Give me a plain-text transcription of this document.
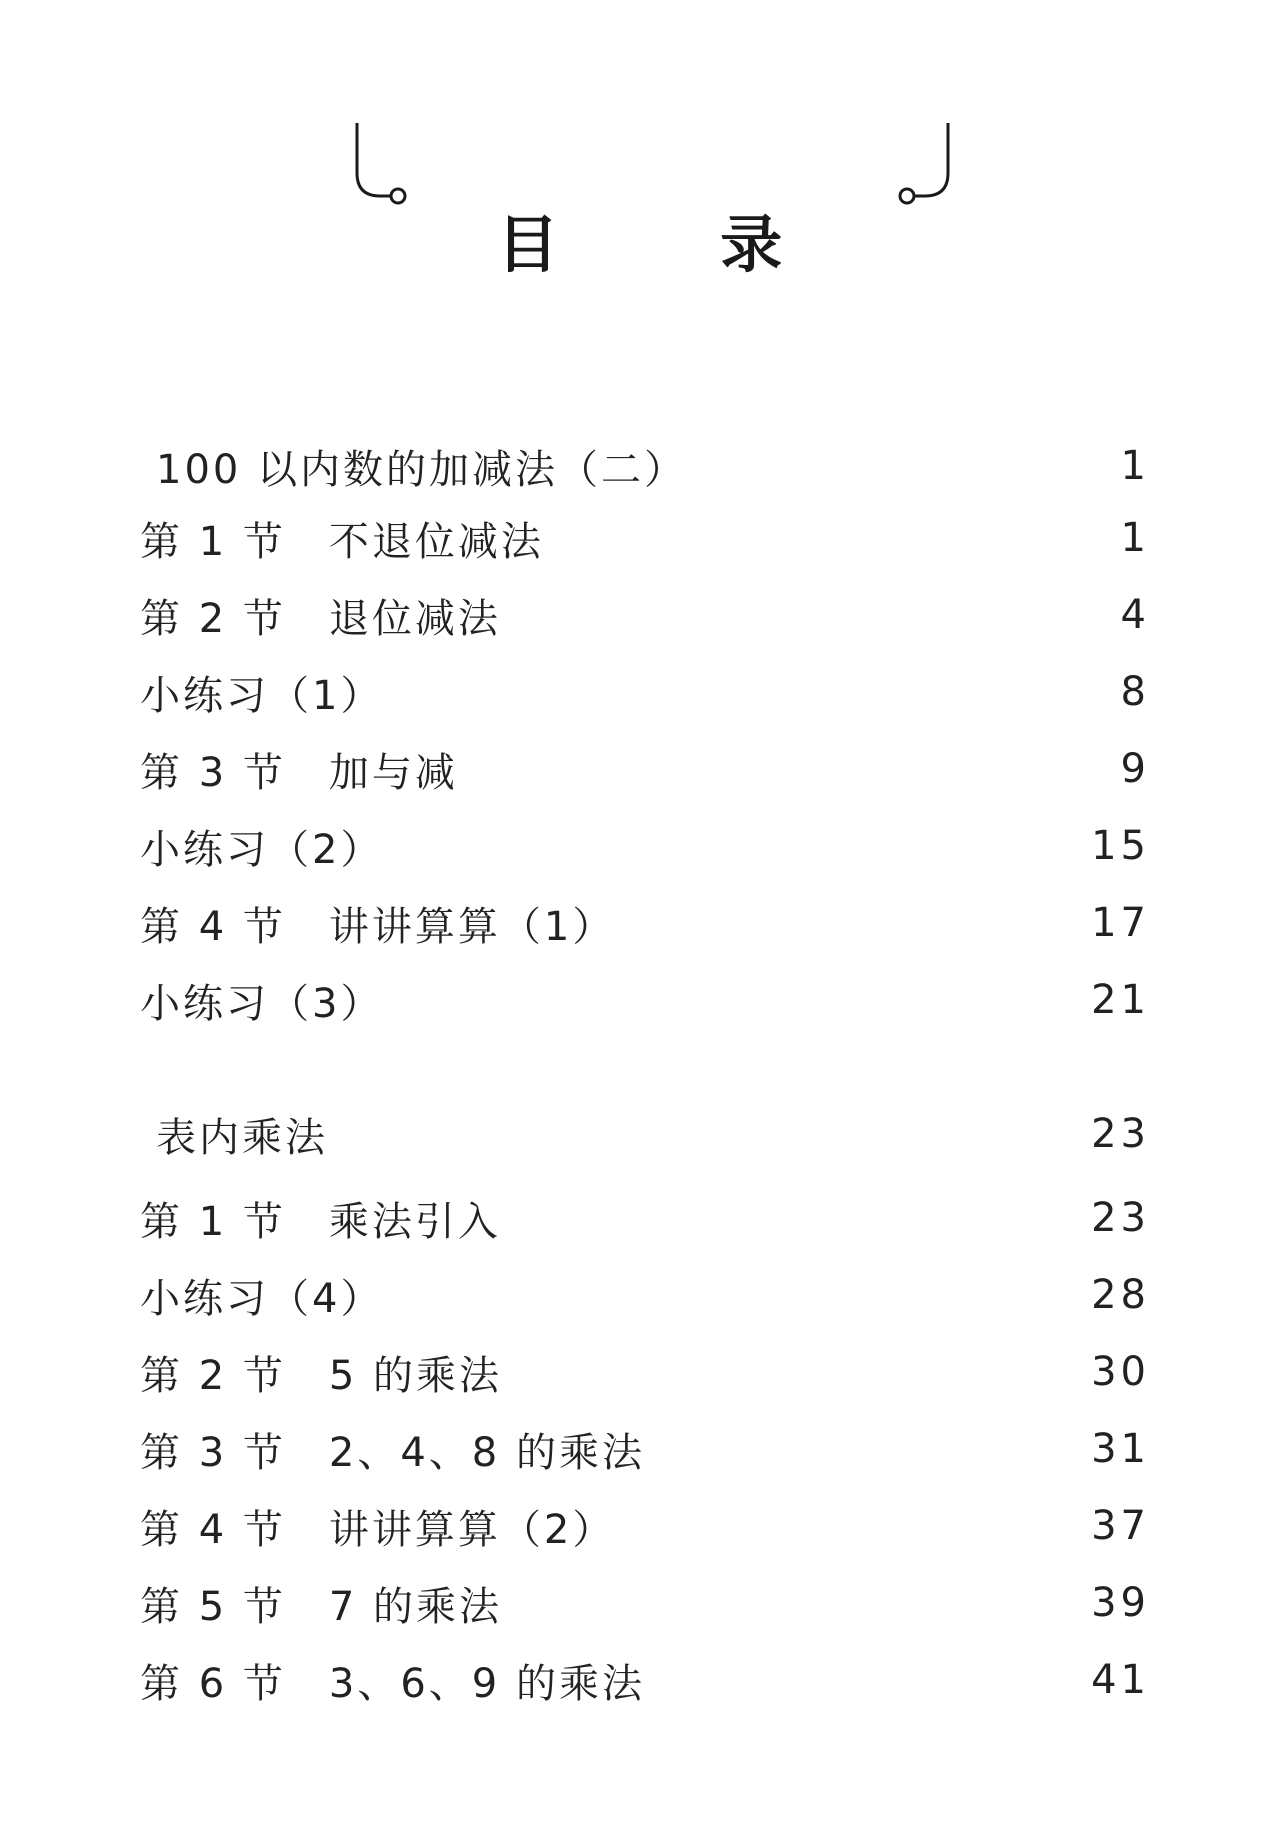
目 录
100 以内数的加减法（二）	1
第 1 节　不退位减法	1
第 2 节　退位减法	4
小练习（1）	8
第 3 节　加与减	9
小练习（2）	15
第 4 节　讲讲算算（1）	17
小练习（3）	21
表内乘法	23
第 1 节　乘法引入	23
小练习（4）	28
第 2 节　5 的乘法	30
第 3 节　2、4、8 的乘法	31
第 4 节　讲讲算算（2）	37
第 5 节　7 的乘法	39
第 6 节　3、6、9 的乘法	41
